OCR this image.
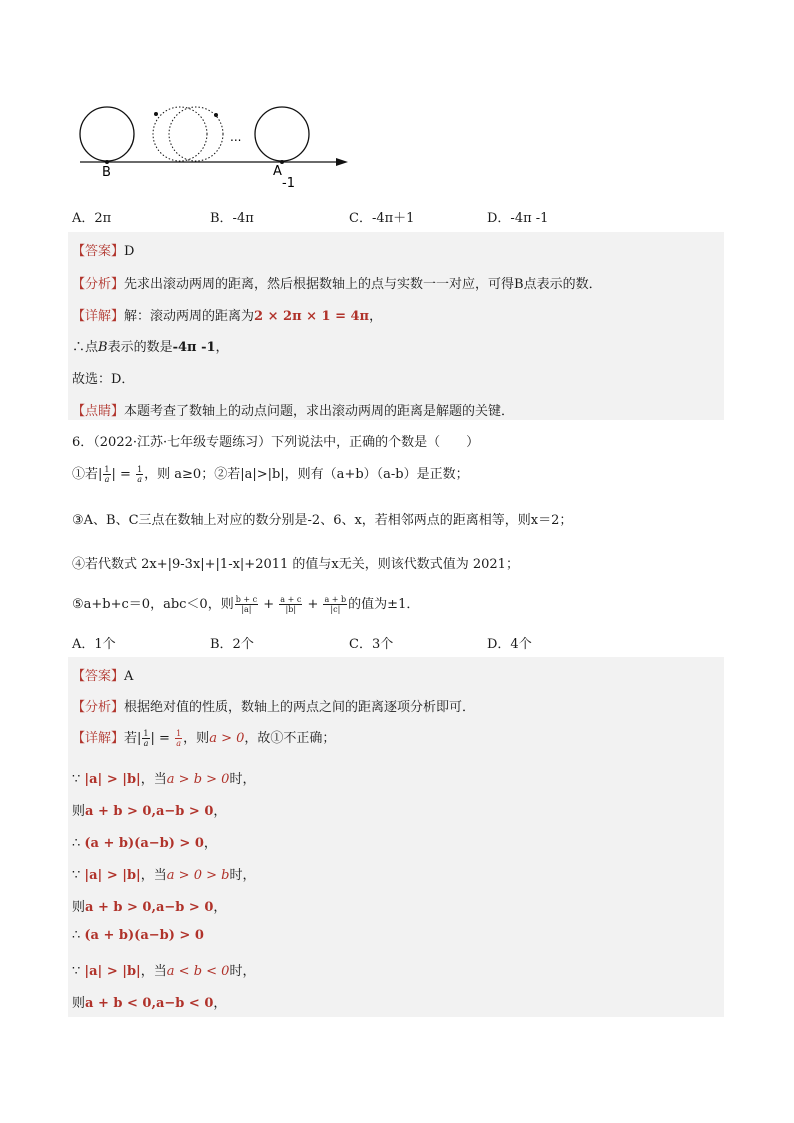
...
B	A
-1
A．2π	B．-4π	C．-4π＋1	D．-4π -1
【答案】D
【分析】先求出滚动两周的距离，然后根据数轴上的点与实数一一对应，可得B点表示的数．
【详解】解：滚动两周的距离为2 × 2π × 1 = 4π，
∴点B表示的数是-4π -1，
故选：D．
【点睛】本题考查了数轴上的动点问题，求出滚动两周的距离是解题的关键．
6．（2022·江苏·七年级专题练习）下列说法中，正确的个数是（　　）
①若| $\frac{1}{a}$ | = $\frac{1}{a}$ ，则 a≥0；②若|a|>|b|，则有（a+b）（a-b）是正数；
③A、B、C三点在数轴上对应的数分别是-2、6、x，若相邻两点的距离相等，则x＝2；
④若代数式 2x+|9-3x|+|1-x|+2011 的值与x无关，则该代数式值为 2021；
⑤a+b+c＝0，abc＜0，则 $\frac{b + c}{|a|} + \frac{a + c}{|b|} + \frac{a + b}{|c|}$ 的值为±1．
A．1个	B．2个	C．3个	D．4个
【答案】A
【分析】根据绝对值的性质，数轴上的两点之间的距离逐项分析即可．
【详解】若| $\frac{1}{a}$ | = $\frac{1}{a}$ ，则a > 0，故①不正确；
∵ |a| > |b|，当a > b > 0时，
则a + b > 0,a−b > 0，
∴ (a + b)(a−b) > 0，
∵ |a| > |b|，当a > 0 > b时，
则a + b > 0,a−b > 0，
∴ (a + b)(a−b) > 0
∵ |a| > |b|，当a < b < 0时，
则a + b < 0,a−b < 0，
